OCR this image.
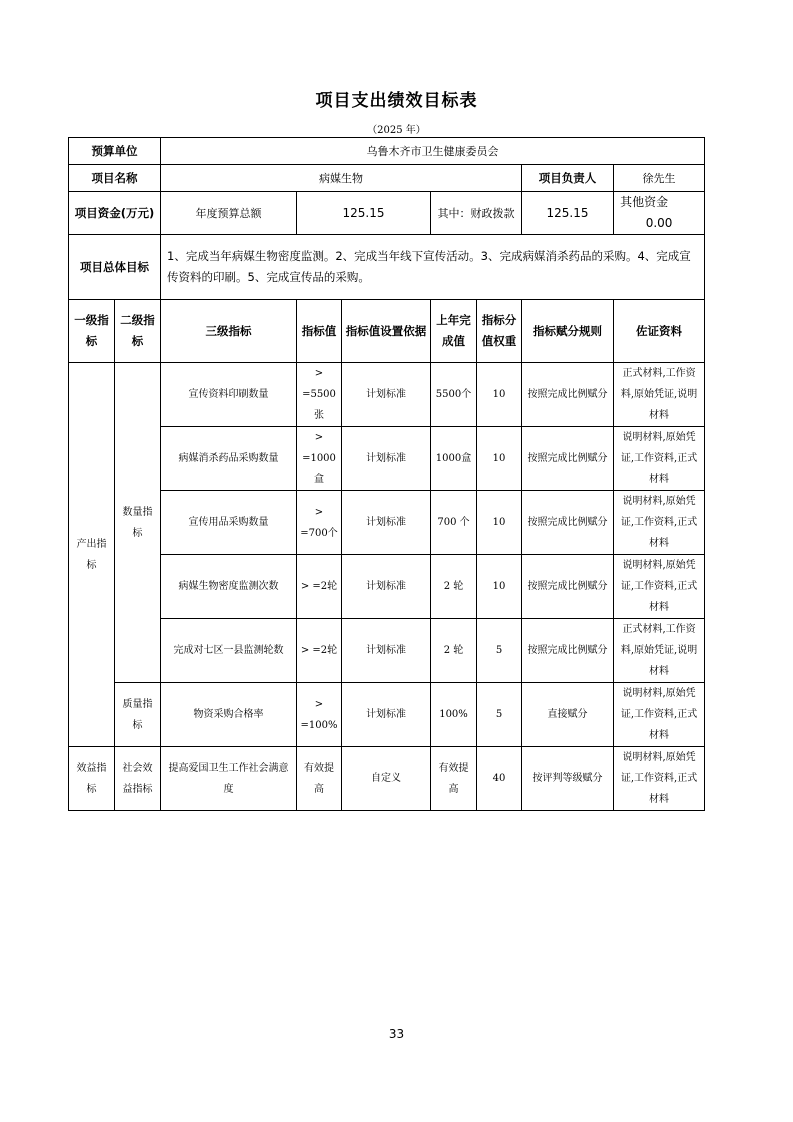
项目支出绩效目标表
（2025 年）
预算单位		乌鲁木齐市卫生健康委员会						
项目名称		病媒生物					项目负责人	徐先生
项目资金(万元)		年度预算总额	125.15		其中：财政拨款		125.15	其他资金  0.00
项目总体目标		1、完成当年病媒生物密度监测。2、完成当年线下宣传活动。3、完成病媒消杀药品的采购。4、完成宣传资料的印刷。5、完成宣传品的采购。						
一级指标	二级指标	三级指标	指标值	指标值设置依据	上年完成值	指标分值权重	指标赋分规则	佐证资料
产出指标	数量指标	宣传资料印刷数量	> =5500张	计划标准	5500个	10	按照完成比例赋分	正式材料,工作资料,原始凭证,说明材料
		病媒消杀药品采购数量	> =1000盒	计划标准	1000盒	10	按照完成比例赋分	说明材料,原始凭证,工作资料,正式材料
		宣传用品采购数量	> =700个	计划标准	700 个	10	按照完成比例赋分	说明材料,原始凭证,工作资料,正式材料
		病媒生物密度监测次数	> =2轮	计划标准	2 轮	10	按照完成比例赋分	说明材料,原始凭证,工作资料,正式材料
		完成对七区一县监测轮数	> =2轮	计划标准	2 轮	5	按照完成比例赋分	正式材料,工作资料,原始凭证,说明材料
	质量指标	物资采购合格率	> =100%	计划标准	100%	5	直接赋分	说明材料,原始凭证,工作资料,正式材料
效益指标	社会效益指标	提高爱国卫生工作社会满意度	有效提高	自定义	有效提高	40	按评判等级赋分	说明材料,原始凭证,工作资料,正式材料
33
